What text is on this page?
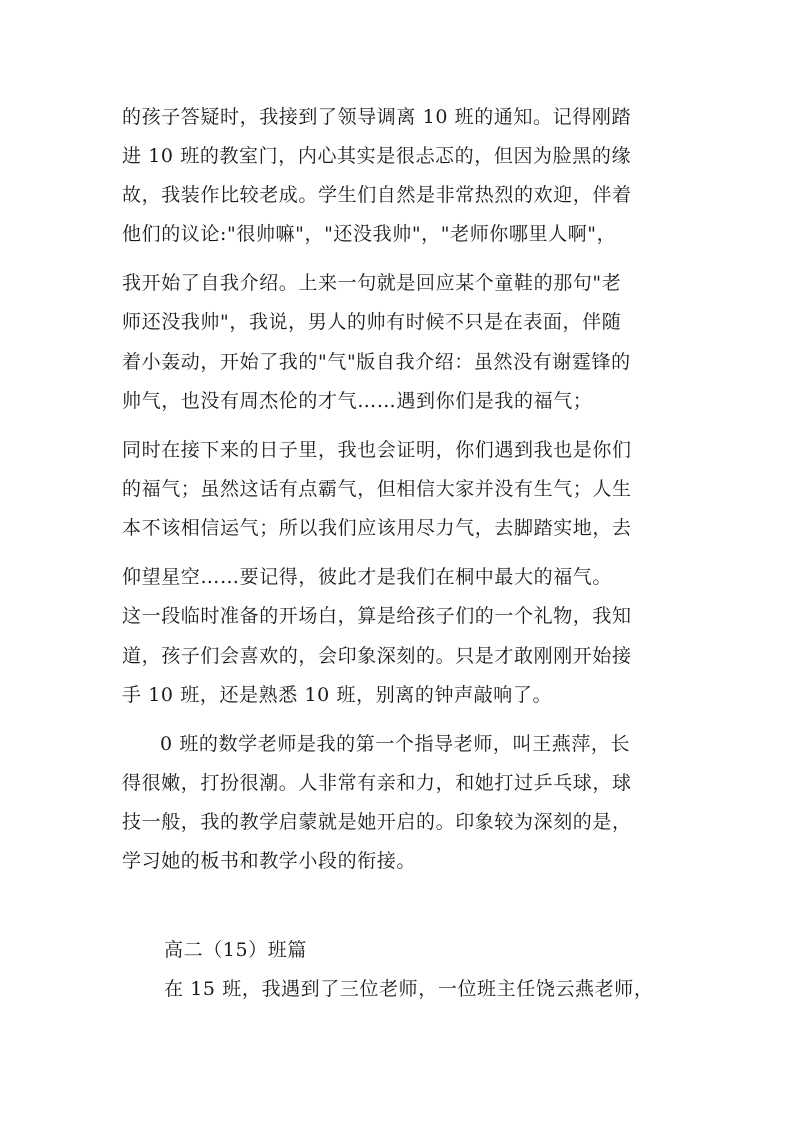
的孩子答疑时，我接到了领导调离 10 班的通知。记得刚踏
进 10 班的教室门，内心其实是很忐忑的，但因为脸黑的缘
故，我装作比较老成。学生们自然是非常热烈的欢迎，伴着
他们的议论:"很帅嘛"，"还没我帅"，"老师你哪里人啊"，
我开始了自我介绍。上来一句就是回应某个童鞋的那句"老
师还没我帅"，我说，男人的帅有时候不只是在表面，伴随
着小轰动，开始了我的"气"版自我介绍：虽然没有谢霆锋的
帅气，也没有周杰伦的才气……遇到你们是我的福气；
同时在接下来的日子里，我也会证明，你们遇到我也是你们
的福气；虽然这话有点霸气，但相信大家并没有生气；人生
本不该相信运气；所以我们应该用尽力气，去脚踏实地，去
仰望星空……要记得，彼此才是我们在桐中最大的福气。
这一段临时准备的开场白，算是给孩子们的一个礼物，我知
道，孩子们会喜欢的，会印象深刻的。只是才敢刚刚开始接
手 10 班，还是熟悉 10 班，别离的钟声敲响了。
0 班的数学老师是我的第一个指导老师，叫王燕萍，长
得很嫩，打扮很潮。人非常有亲和力，和她打过乒乓球，球
技一般，我的教学启蒙就是她开启的。印象较为深刻的是，
学习她的板书和教学小段的衔接。
高二（15）班篇
在 15 班，我遇到了三位老师，一位班主任饶云燕老师，
